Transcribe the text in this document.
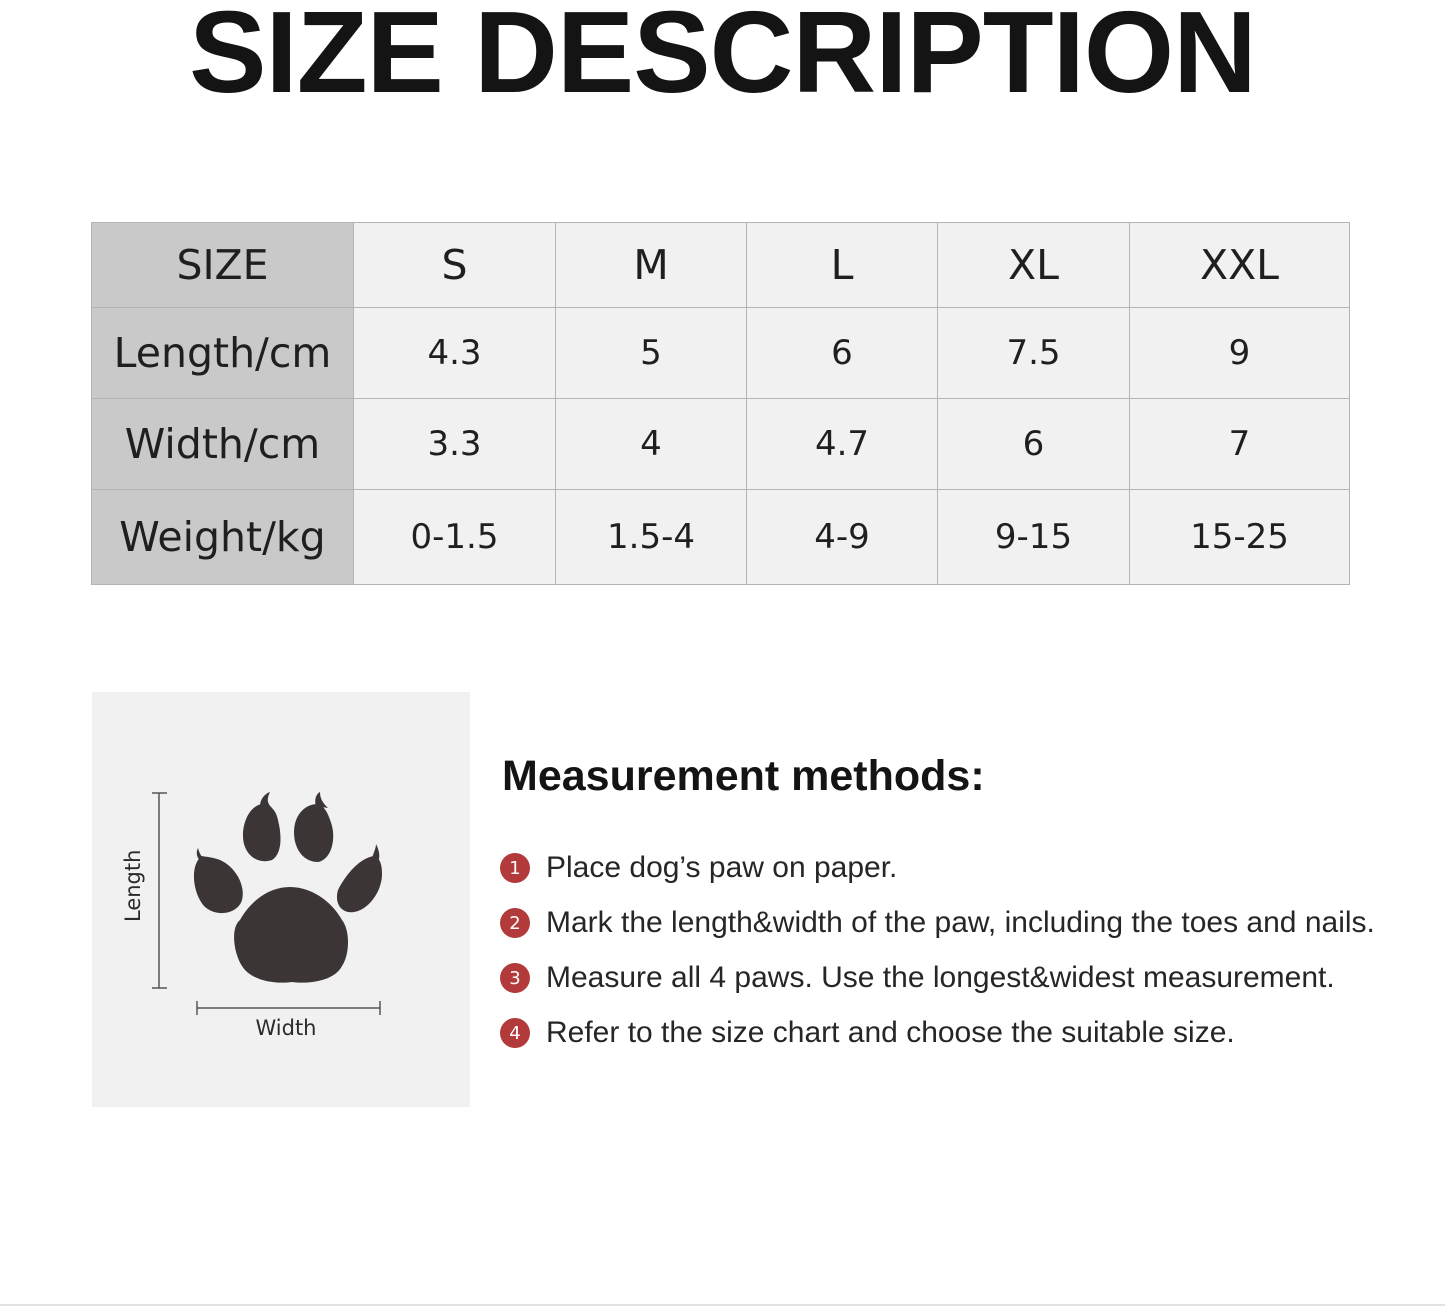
SIZE DESCRIPTION
SIZE	S	M	L	XL	XXL
Length/cm	4.3	5	6	7.5	9
Width/cm	3.3	4	4.7	6	7
Weight/kg	0-1.5	1.5-4	4-9	9-15	15-25
Length
Width
Measurement methods:
1 Place dog’s paw on paper.
2 Mark the length&width of the paw, including the toes and nails.
3 Measure all 4 paws. Use the longest&widest measurement.
4 Refer to the size chart and choose the suitable size.
